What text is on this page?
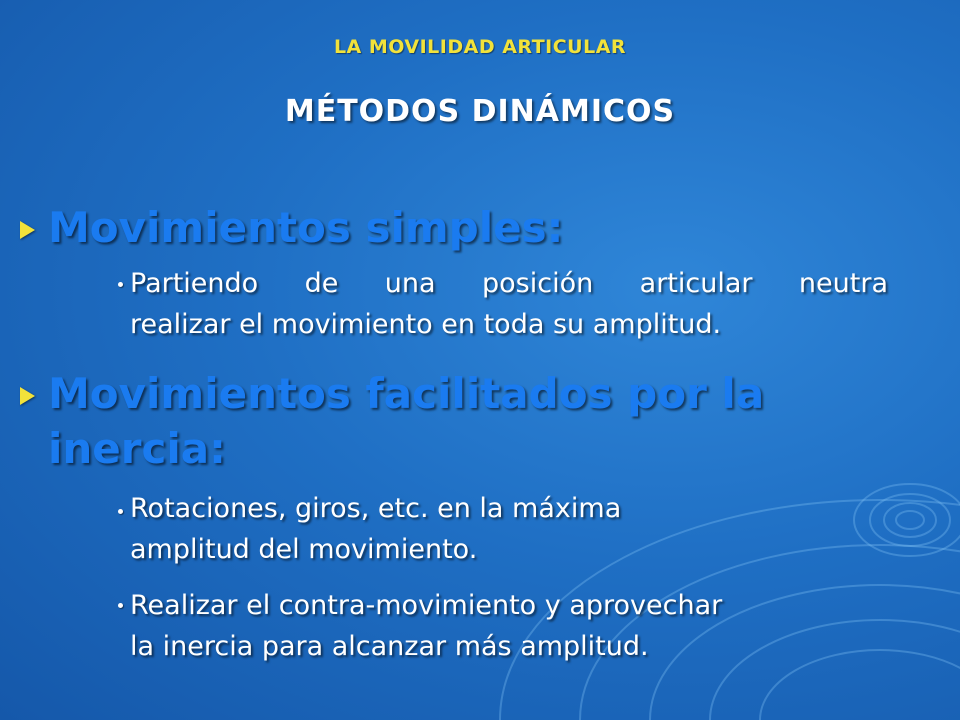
LA MOVILIDAD ARTICULAR
MÉTODOS DINÁMICOS
Movimientos simples:
Partiendo de una posición articular neutra
realizar el movimiento en toda su amplitud.
Movimientos facilitados por la
inercia:
Rotaciones, giros, etc. en la máxima
amplitud del movimiento.
Realizar el contra-movimiento y aprovechar
la inercia para alcanzar más amplitud.
